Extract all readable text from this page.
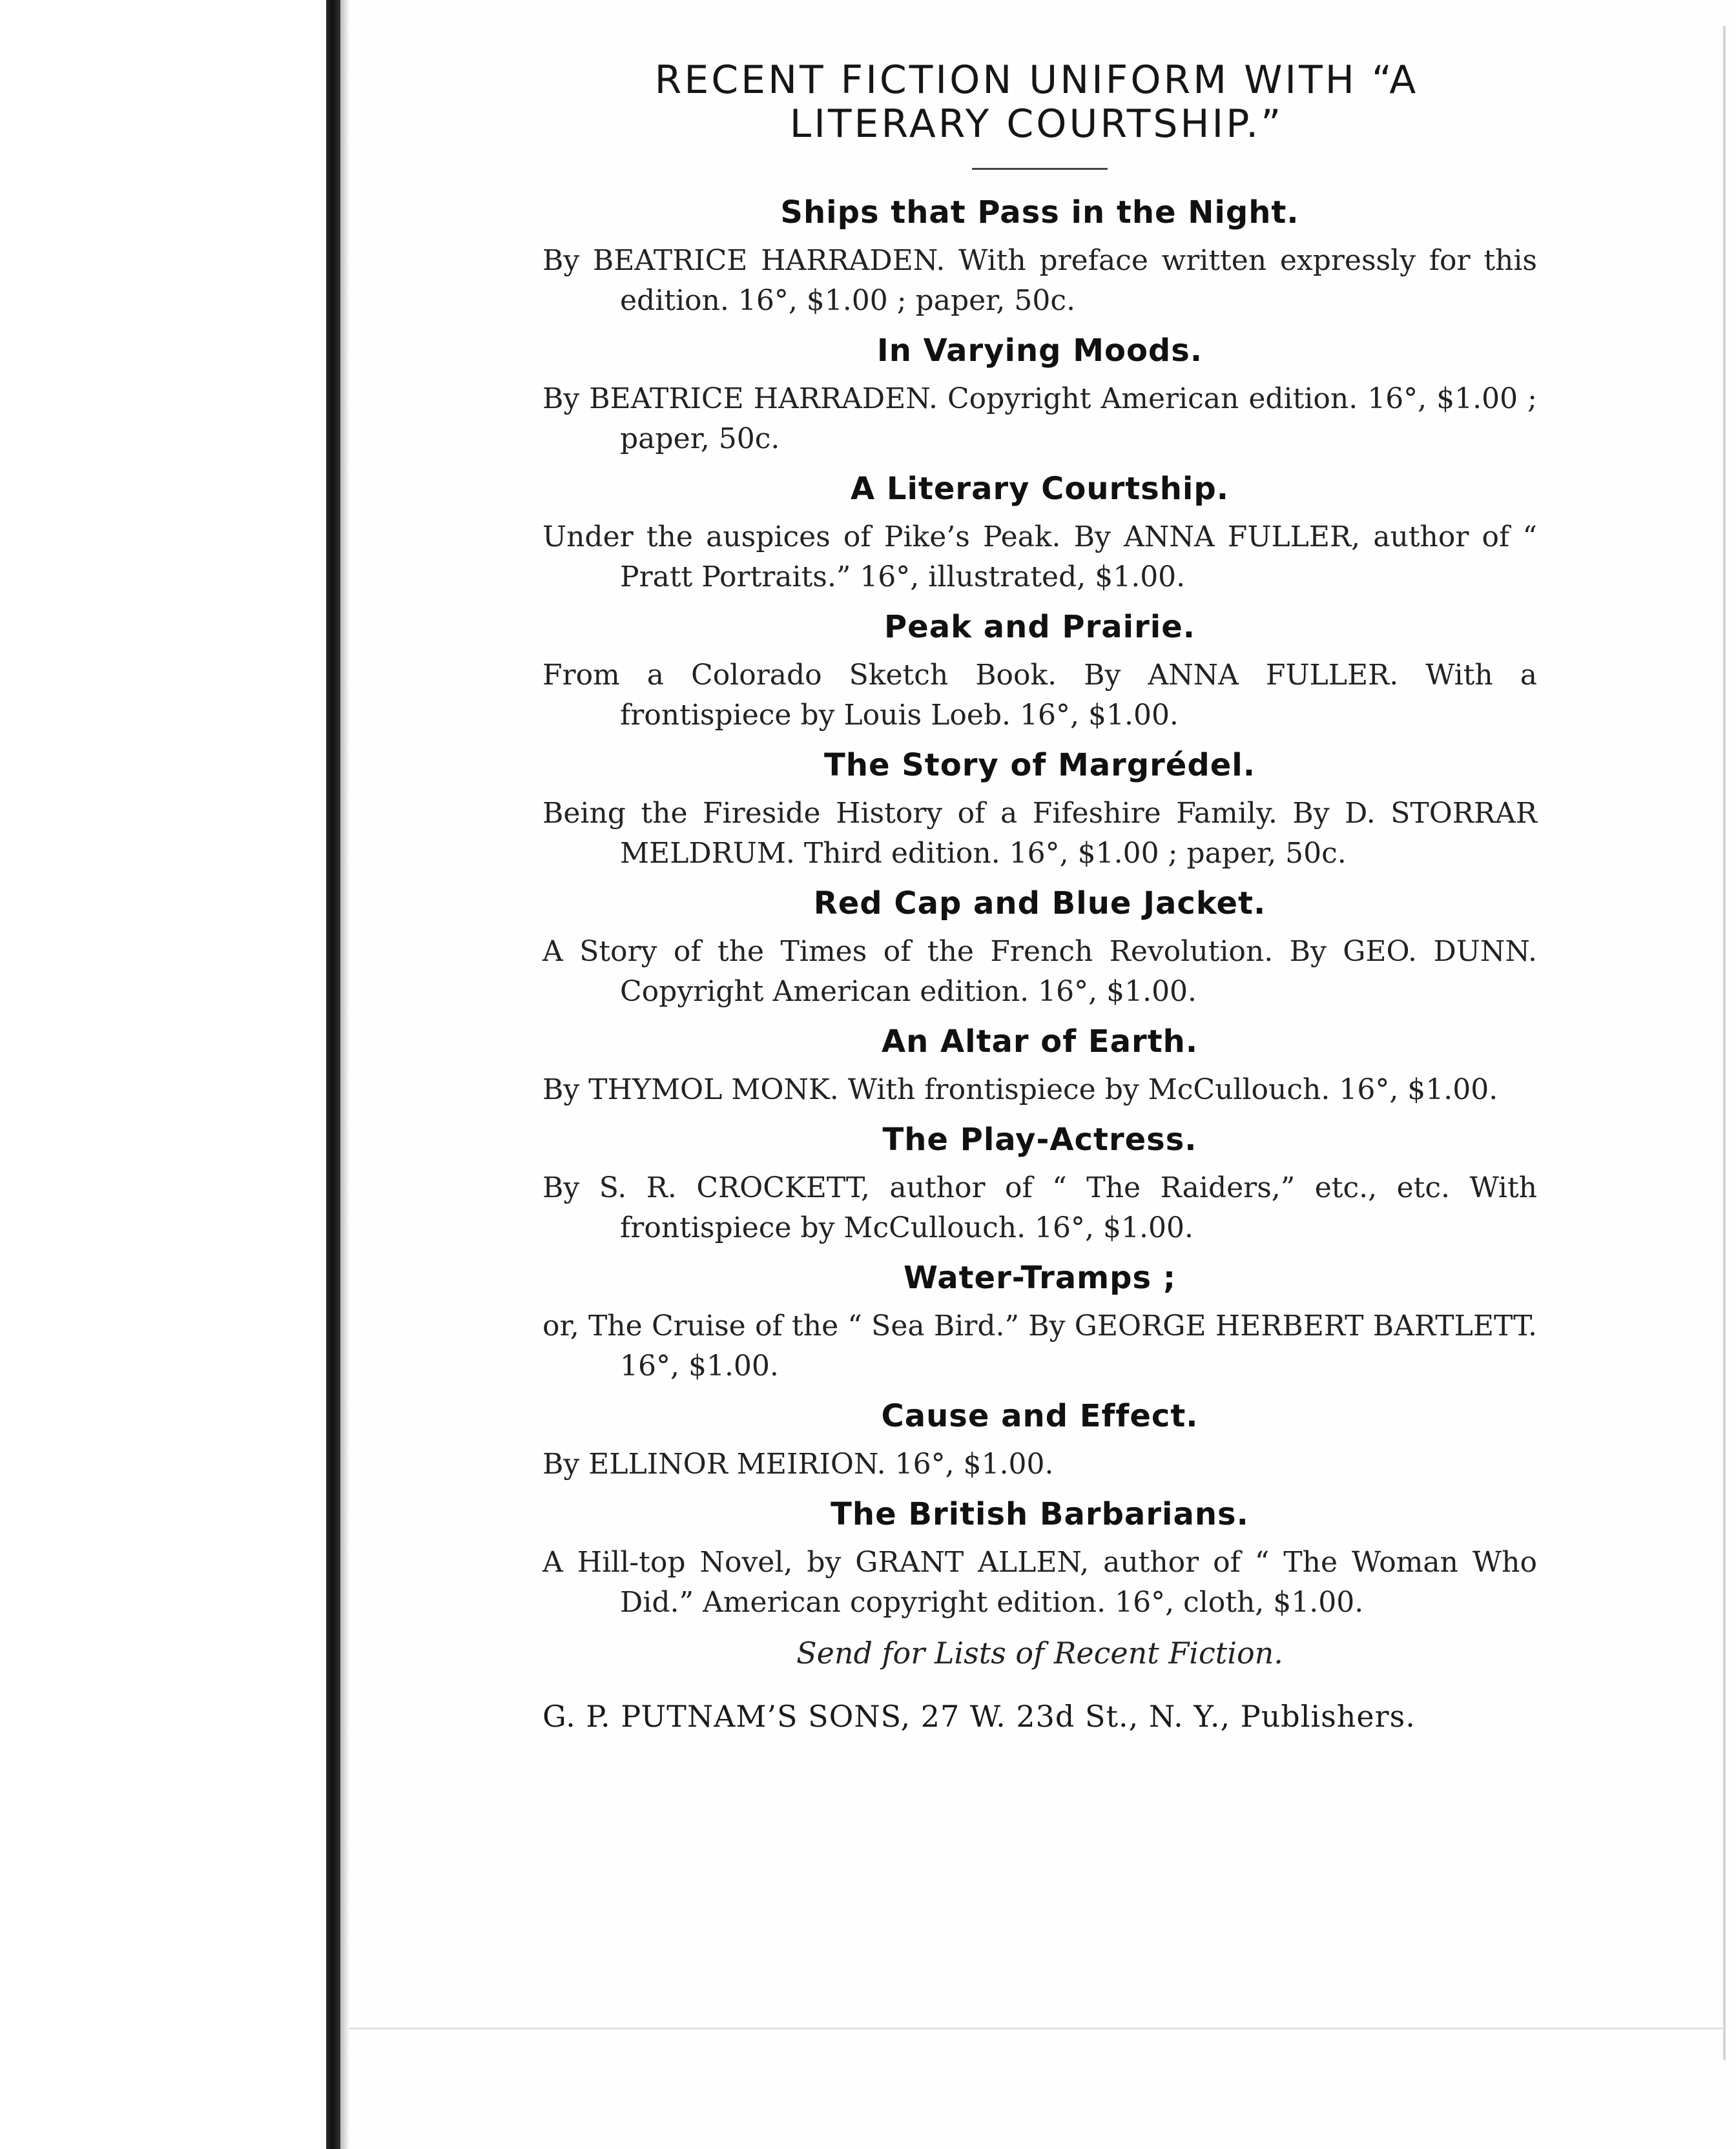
RECENT FICTION UNIFORM WITH “A
LITERARY COURTSHIP.”
Ships that Pass in the Night.
By BEATRICE HARRADEN. With preface written expressly for this edition. 16°, $1.00 ; paper, 50c.
In Varying Moods.
By BEATRICE HARRADEN. Copyright American edition. 16°, $1.00 ; paper, 50c.
A Literary Courtship.
Under the auspices of Pike’s Peak. By ANNA FULLER, author of “ Pratt Portraits.” 16°, illustrated, $1.00.
Peak and Prairie.
From a Colorado Sketch Book. By ANNA FULLER. With a frontispiece by Louis Loeb. 16°, $1.00.
The Story of Margrédel.
Being the Fireside History of a Fifeshire Family. By D. STORRAR MELDRUM. Third edition. 16°, $1.00 ; paper, 50c.
Red Cap and Blue Jacket.
A Story of the Times of the French Revolution. By GEO. DUNN. Copyright American edition. 16°, $1.00.
An Altar of Earth.
By THYMOL MONK. With frontispiece by McCullouch. 16°, $1.00.
The Play-Actress.
By S. R. CROCKETT, author of “ The Raiders,” etc., etc. With frontispiece by McCullouch. 16°, $1.00.
Water-Tramps ;
or, The Cruise of the “ Sea Bird.” By GEORGE HERBERT BARTLETT. 16°, $1.00.
Cause and Effect.
By ELLINOR MEIRION. 16°, $1.00.
The British Barbarians.
A Hill-top Novel, by GRANT ALLEN, author of “ The Woman Who Did.” American copyright edition. 16°, cloth, $1.00.
Send for Lists of Recent Fiction.
G. P. PUTNAM’S SONS, 27 W. 23d St., N. Y., Publishers.
